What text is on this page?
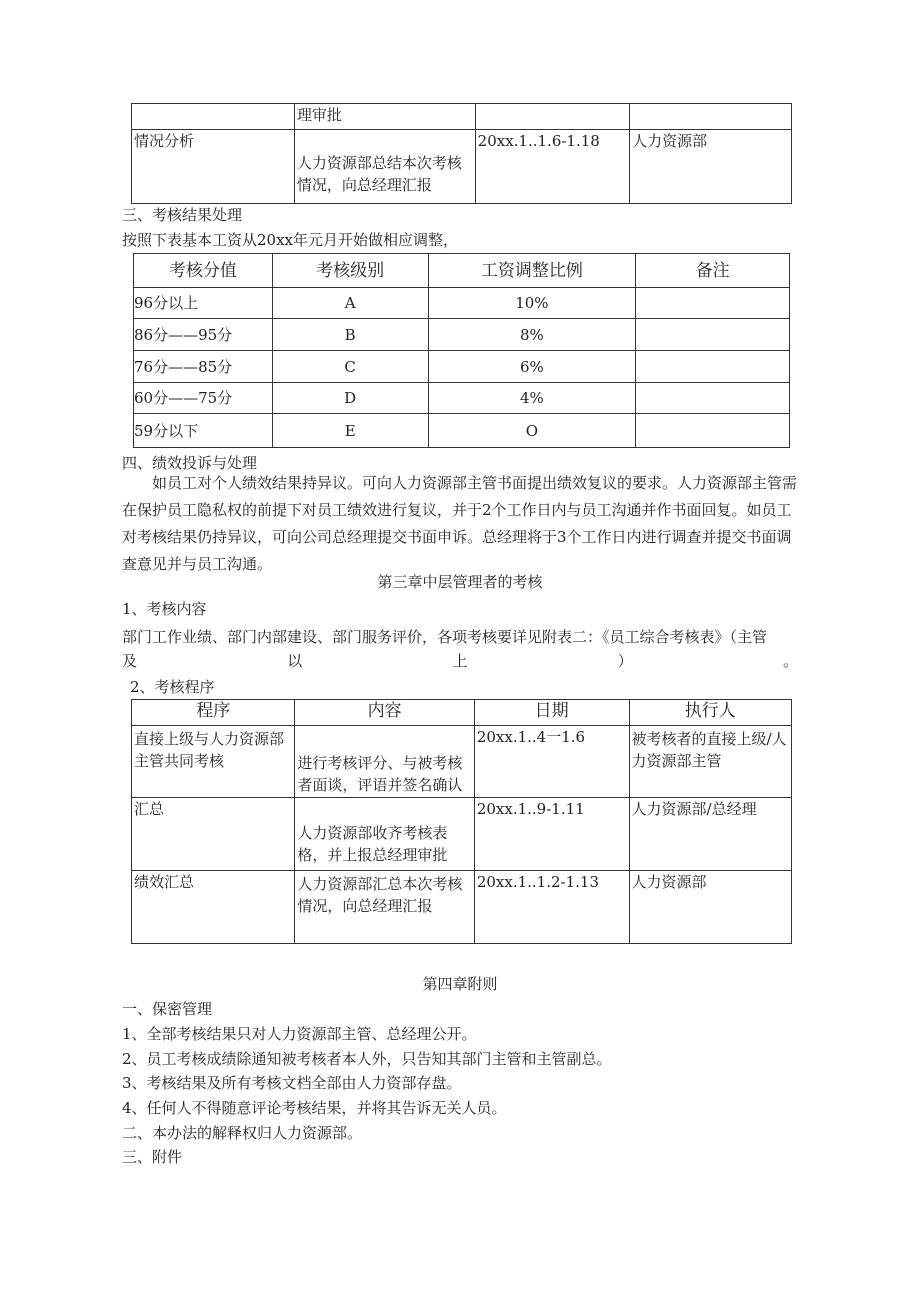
	理审批		
情况分析	人力资源部总结本次考核情况，向总经理汇报	20xx.1..1.6-1.18	人力资源部
三、考核结果处理
按照下表基本工资从20xx年元月开始做相应调整，
考核分值	考核级别	工资调整比例	备注
96分以上	A	10%	
86分——95分	B	8%	
76分——85分	C	6%	
60分——75分	D	4%	
59分以下	E	O	
四、绩效投诉与处理
如员工对个人绩效结果持异议。可向人力资源部主管书面提出绩效复议的要求。人力资源部主管需在保护员工隐私权的前提下对员工绩效进行复议，并于2个工作日内与员工沟通并作书面回复。如员工对考核结果仍持异议，可向公司总经理提交书面申诉。总经理将于3个工作日内进行调查并提交书面调查意见并与员工沟通。
第三章中层管理者的考核
1、考核内容
部门工作业绩、部门内部建设、部门服务评价，各项考核要详见附表二：《员工综合考核表》（主管
及	以	上	）	。
2、考核程序
程序	内容	日期	执行人
直接上级与人力资源部主管共同考核	进行考核评分、与被考核者面谈，评语并签名确认	20xx.1..4一1.6	被考核者的直接上级/人力资源部主管
汇总	人力资源部收齐考核表格，并上报总经理审批	20xx.1..9-1.11	人力资源部/总经理
绩效汇总	人力资源部汇总本次考核情况，向总经理汇报	20xx.1..1.2-1.13	人力资源部
第四章附则
一、保密管理
1、全部考核结果只对人力资源部主管、总经理公开。
2、员工考核成绩除通知被考核者本人外，只告知其部门主管和主管副总。
3、考核结果及所有考核文档全部由人力资部存盘。
4、任何人不得随意评论考核结果，并将其告诉无关人员。
二、本办法的解释权归人力资源部。
三、附件
